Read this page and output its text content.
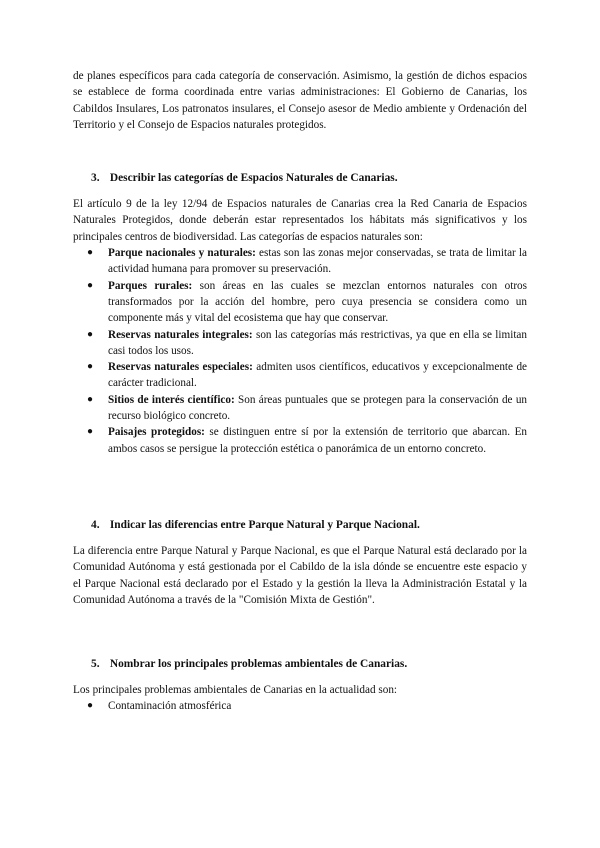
de planes específicos para cada categoría de conservación. Asimismo, la gestión de dichos espacios se establece de forma coordinada entre varias administraciones: El Gobierno de Canarias, los Cabildos Insulares, Los patronatos insulares, el Consejo asesor de Medio ambiente y Ordenación del Territorio y el Consejo de Espacios naturales protegidos.

3. Describir las categorías de Espacios Naturales de Canarias.

El artículo 9 de la ley 12/94 de Espacios naturales de Canarias crea la Red Canaria de Espacios Naturales Protegidos, donde deberán estar representados los hábitats más significativos y los principales centros de biodiversidad. Las categorías de espacios naturales son:

● Parque nacionales y naturales: estas son las zonas mejor conservadas, se trata de limitar la actividad humana para promover su preservación.
● Parques rurales: son áreas en las cuales se mezclan entornos naturales con otros transformados por la acción del hombre, pero cuya presencia se considera como un componente más y vital del ecosistema que hay que conservar.
● Reservas naturales integrales: son las categorías más restrictivas, ya que en ella se limitan casi todos los usos.
● Reservas naturales especiales: admiten usos científicos, educativos y excepcionalmente de carácter tradicional.
● Sitios de interés científico: Son áreas puntuales que se protegen para la conservación de un recurso biológico concreto.
● Paisajes protegidos: se distinguen entre sí por la extensión de territorio que abarcan. En ambos casos se persigue la protección estética o panorámica de un entorno concreto.
4. Indicar las diferencias entre Parque Natural y Parque Nacional.

La diferencia entre Parque Natural y Parque Nacional, es que el Parque Natural está declarado por la Comunidad Autónoma y está gestionada por el Cabildo de la isla dónde se encuentre este espacio y el Parque Nacional está declarado por el Estado y la gestión la lleva la Administración Estatal y la Comunidad Autónoma a través de la "Comisión Mixta de Gestión".

5. Nombrar los principales problemas ambientales de Canarias.

Los principales problemas ambientales de Canarias en la actualidad son:

● Contaminación atmosférica
